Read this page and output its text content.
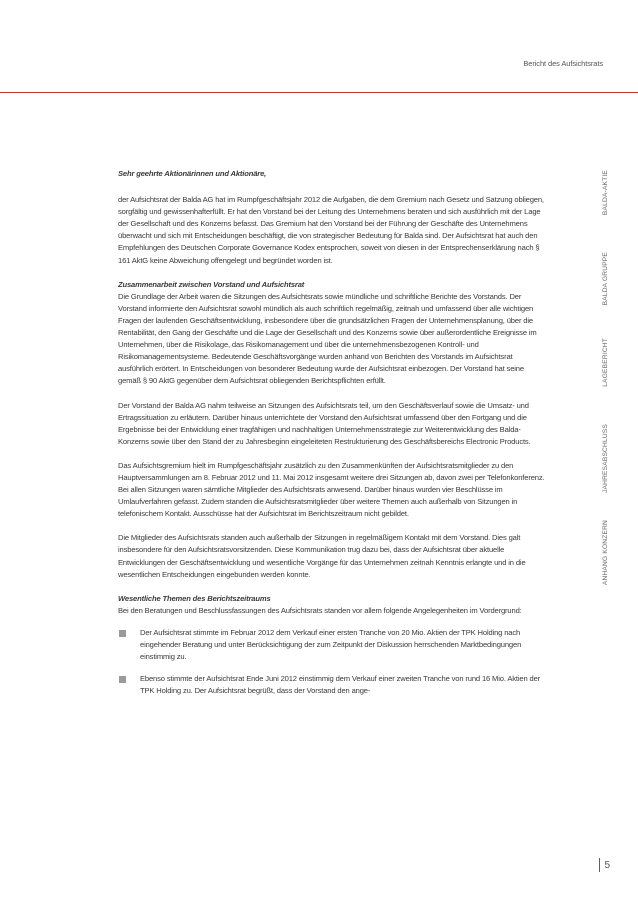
Bericht des Aufsichtsrats

Sehr geehrte Aktionärinnen und Aktionäre,

der Aufsichtsrat der Balda AG hat im Rumpfgeschäftsjahr 2012 die Aufgaben, die dem Gremium nach Gesetz und Satzung obliegen, sorgfältig und gewissenhafterfüllt. Er hat den Vorstand bei der Leitung des Unternehmens beraten und sich ausführlich mit der Lage der Gesellschaft und des Konzerns befasst. Das Gremium hat den Vorstand bei der Führung der Geschäfte des Unternehmens überwacht und sich mit Entscheidungen beschäftigt, die von strategischer Bedeutung für Balda sind. Der Aufsichtsrat hat auch den Empfehlungen des Deutschen Corporate Governance Kodex entsprochen, soweit von diesen in der Entsprechenserklärung nach § 161 AktG keine Abweichung offengelegt und begründet worden ist.

Zusammenarbeit zwischen Vorstand und Aufsichtsrat

Die Grundlage der Arbeit waren die Sitzungen des Aufsichtsrats sowie mündliche und schriftliche Berichte des Vorstands. Der Vorstand informierte den Aufsichtsrat sowohl mündlich als auch schriftlich regelmäßig, zeitnah und umfassend über alle wichtigen Fragen der laufenden Geschäftsentwicklung, insbesondere über die grundsätzlichen Fragen der Unternehmensplanung, über die Rentabilität, den Gang der Geschäfte und die Lage der Gesellschaft und des Konzerns sowie über außerordentliche Ereignisse im Unternehmen, über die Risikolage, das Risikomanagement und über die unternehmensbezogenen Kontroll- und Risikomanagementsysteme. Bedeutende Geschäftsvorgänge wurden anhand von Berichten des Vorstands im Aufsichtsrat ausführlich erörtert. In Entscheidungen von besonderer Bedeutung wurde der Aufsichtsrat einbezogen. Der Vorstand hat seine gemäß § 90 AktG gegenüber dem Aufsichtsrat obliegenden Berichtspflichten erfüllt.

Der Vorstand der Balda AG nahm teilweise an Sitzungen des Aufsichtsrats teil, um den Geschäftsverlauf sowie die Umsatz- und Ertragssituation zu erläutern. Darüber hinaus unterrichtete der Vorstand den Aufsichtsrat umfassend über den Fortgang und die Ergebnisse bei der Entwicklung einer tragfähigen und nachhaltigen Unternehmensstrategie zur Weiterentwicklung des Balda-Konzerns sowie über den Stand der zu Jahresbeginn eingeleiteten Restrukturierung des Geschäftsbereichs Electronic Products.

Das Aufsichtsgremium hielt im Rumpfgeschäftsjahr zusätzlich zu den Zusammenkünften der Aufsichtsratsmitglieder zu den Hauptversammlungen am 8. Februar 2012 und 11. Mai 2012 insgesamt weitere drei Sitzungen ab, davon zwei per Telefonkonferenz. Bei allen Sitzungen waren sämtliche Mitglieder des Aufsichtsrats anwesend. Darüber hinaus wurden vier Beschlüsse im Umlaufverfahren gefasst. Zudem standen die Aufsichtsratsmitglieder über weitere Themen auch außerhalb von Sitzungen in telefonischem Kontakt. Ausschüsse hat der Aufsichtsrat im Berichtszeitraum nicht gebildet.

Die Mitglieder des Aufsichtsrats standen auch außerhalb der Sitzungen in regelmäßigem Kontakt mit dem Vorstand. Dies galt insbesondere für den Aufsichtsratsvorsitzenden. Diese Kommunikation trug dazu bei, dass der Aufsichtsrat über aktuelle Entwicklungen der Geschäftsentwicklung und wesentliche Vorgänge für das Unternehmen zeitnah Kenntnis erlangte und in die wesentlichen Entscheidungen eingebunden werden konnte.

Wesentliche Themen des Berichtszeitraums

Bei den Beratungen und Beschlussfassungen des Aufsichtsrats standen vor allem folgende Angelegenheiten im Vordergrund:

Der Aufsichtsrat stimmte im Februar 2012 dem Verkauf einer ersten Tranche von 20 Mio. Aktien der TPK Holding nach eingehender Beratung und unter Berücksichtigung der zum Zeitpunkt der Diskussion herrschenden Marktbedingungen einstimmig zu.
Ebenso stimmte der Aufsichtsrat Ende Juni 2012 einstimmig dem Verkauf einer zweiten Tranche von rund 16 Mio. Aktien der TPK Holding zu. Der Aufsichtsrat begrüßt, dass der Vorstand den ange-
BALDA-AKTIE
BALDA GRUPPE
LAGEBERICHT
JAHRESABSCHLUSS
ANHANG KONZERN
5
